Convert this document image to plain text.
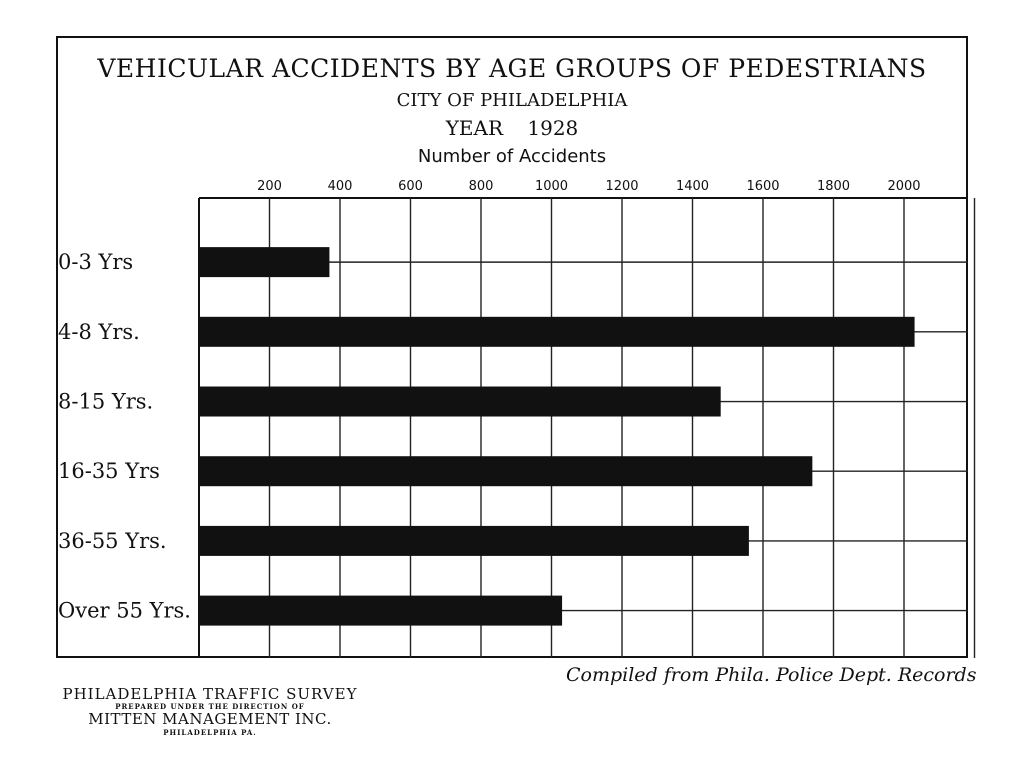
VEHICULAR ACCIDENTS BY AGE GROUPS OF PEDESTRIANS
CITY OF PHILADELPHIA
YEAR 1928
Number of Accidents
200	400	600	800	1000	1200	1400	1600	1800	2000
0-3 Yrs
4-8 Yrs.
8-15 Yrs.
16-35 Yrs
36-55 Yrs.
Over 55 Yrs.
Compiled from Phila. Police Dept. Records
PHILADELPHIA TRAFFIC SURVEY
PREPARED UNDER THE DIRECTION OF
MITTEN MANAGEMENT INC.
PHILADELPHIA PA.
